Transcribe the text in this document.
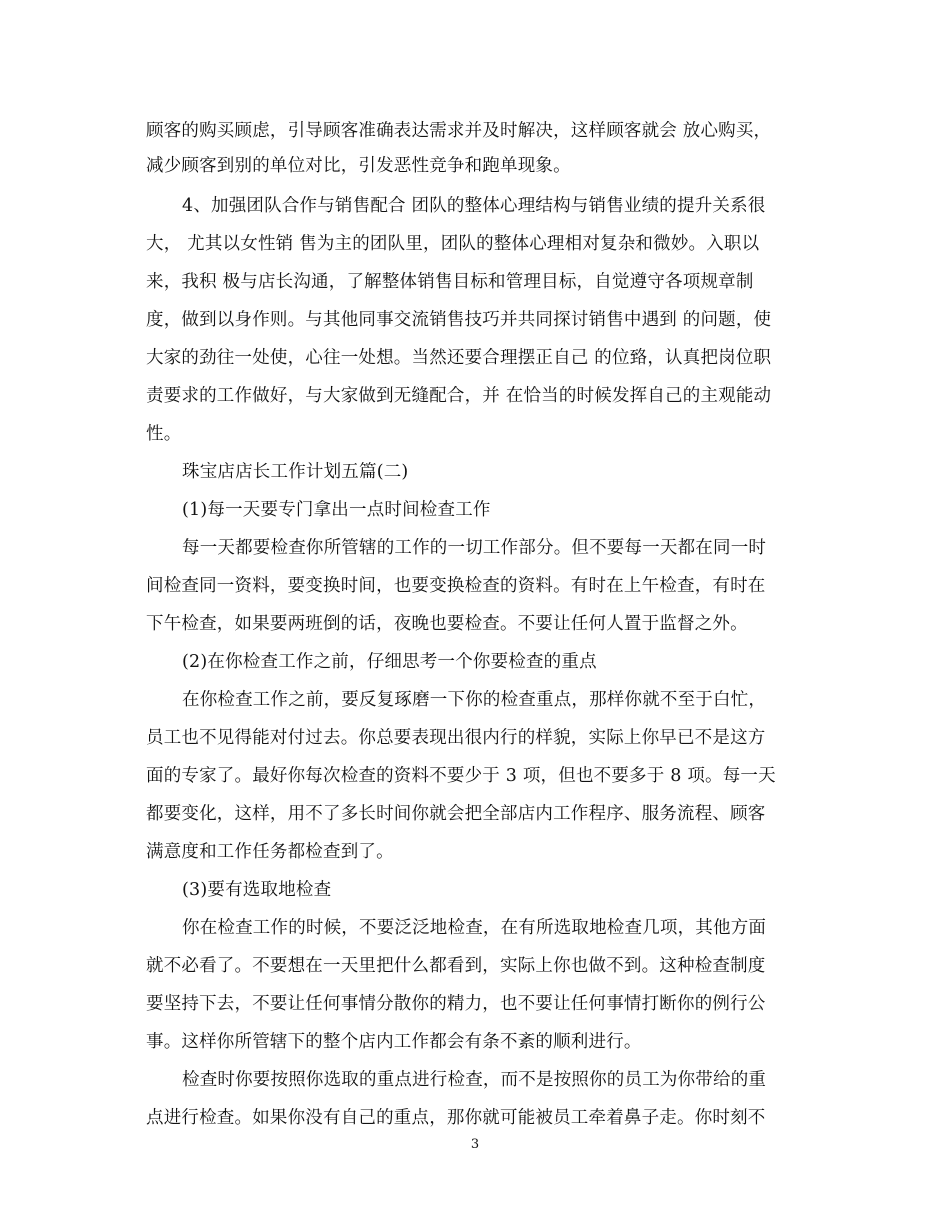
顾客的购买顾虑，引导顾客准确表达需求并及时解决，这样顾客就会 放心购买，
减少顾客到别的单位对比，引发恶性竞争和跑单现象。
4、加强团队合作与销售配合 团队的整体心理结构与销售业绩的提升关系很
大， 尤其以女性销 售为主的团队里，团队的整体心理相对复杂和微妙。入职以
来，我积 极与店长沟通，了解整体销售目标和管理目标，自觉遵守各项规章制
度，做到以身作则。与其他同事交流销售技巧并共同探讨销售中遇到 的问题，使
大家的劲往一处使，心往一处想。当然还要合理摆正自己 的位臵，认真把岗位职
责要求的工作做好，与大家做到无缝配合，并 在恰当的时候发挥自己的主观能动
性。
珠宝店店长工作计划五篇(二)
(1)每一天要专门拿出一点时间检查工作
每一天都要检查你所管辖的工作的一切工作部分。但不要每一天都在同一时
间检查同一资料，要变换时间，也要变换检查的资料。有时在上午检查，有时在
下午检查，如果要两班倒的话，夜晚也要检查。不要让任何人置于监督之外。
(2)在你检查工作之前，仔细思考一个你要检查的重点
在你检查工作之前，要反复琢磨一下你的检查重点，那样你就不至于白忙，
员工也不见得能对付过去。你总要表现出很内行的样貌，实际上你早已不是这方
面的专家了。最好你每次检查的资料不要少于 3 项，但也不要多于 8 项。每一天
都要变化，这样，用不了多长时间你就会把全部店内工作程序、服务流程、顾客
满意度和工作任务都检查到了。
(3)要有选取地检查
你在检查工作的时候，不要泛泛地检查，在有所选取地检查几项，其他方面
就不必看了。不要想在一天里把什么都看到，实际上你也做不到。这种检查制度
要坚持下去，不要让任何事情分散你的精力，也不要让任何事情打断你的例行公
事。这样你所管辖下的整个店内工作都会有条不紊的顺利进行。
检查时你要按照你选取的重点进行检查，而不是按照你的员工为你带给的重
点进行检查。如果你没有自己的重点，那你就可能被员工牵着鼻子走。你时刻不
3
